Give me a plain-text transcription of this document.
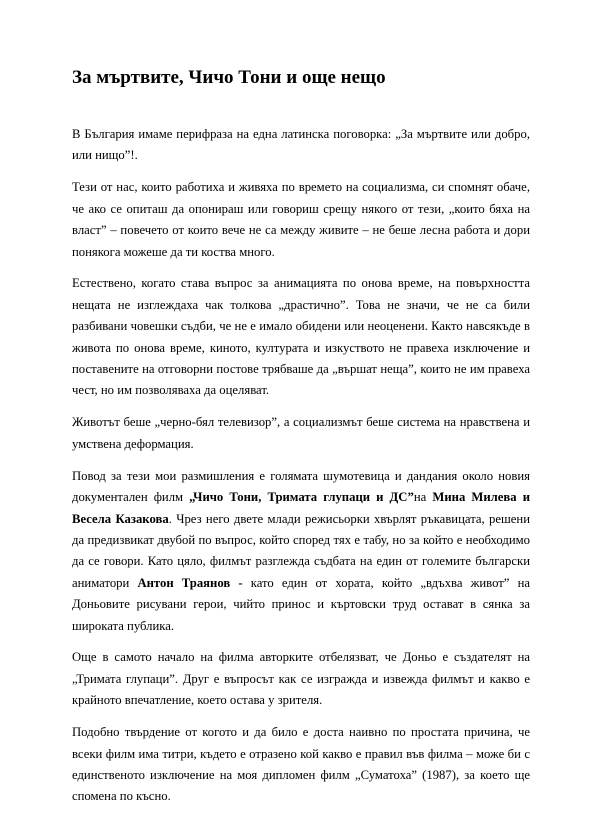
За мъртвите, Чичо Тони и още нещо

В България имаме перифраза на една латинска поговорка: „За мъртвите или добро, или нищо”!.

Тези от нас, които работиха и живяха по времето на социализма, си спомнят обаче, че ако се опиташ да опонираш или говориш срещу някого от тези, „които бяха на власт” – повечето от които вече не са между живите – не беше лесна работа и дори понякога можеше да ти коства много.

Естествено, когато става въпрос за анимацията по онова време, на повърхността нещата не изглеждаха чак толкова „драстично”. Това не значи, че не са били разбивани човешки съдби, че не е имало обидени или неоценени. Както навсякъде в живота по онова време, киното, културата и изкуството не правеха изключение и поставените на отговорни постове трябваше да „вършат неща”, които не им правеха чест, но им позволяваха да оцеляват.

Животът беше „черно-бял телевизор”, а социализмът беше система на нравствена и умствена деформация.

Повод за тези мои размишления е голямата шумотевица и дандания около новия документален филм „Чичо Тони, Тримата глупаци и ДС”на Мина Милева и Весела Казакова. Чрез него двете млади режисьорки хвърлят ръкавицата, решени да предизвикат двубой по въпрос, който според тях е табу, но за който е необходимо да се говори. Като цяло, филмът разглежда съдбата на един от големите български аниматори Антон Траянов - като един от хората, който „вдъхва живот” на Доньовите рисувани герои, чийто принос и къртовски труд остават в сянка за широката публика.

Още в самото начало на филма авторките отбелязват, че Доньо е създателят на „Тримата глупаци”. Друг е въпросът как се изгражда и извежда филмът и какво е крайното впечатление, което остава у зрителя.

Подобно твърдение от когото и да било е доста наивно по простата причина, че всеки филм има титри, където е отразено кой какво е правил във филма – може би с единственото изключение на моя дипломен филм „Суматоха” (1987), за което ще спомена по късно.
